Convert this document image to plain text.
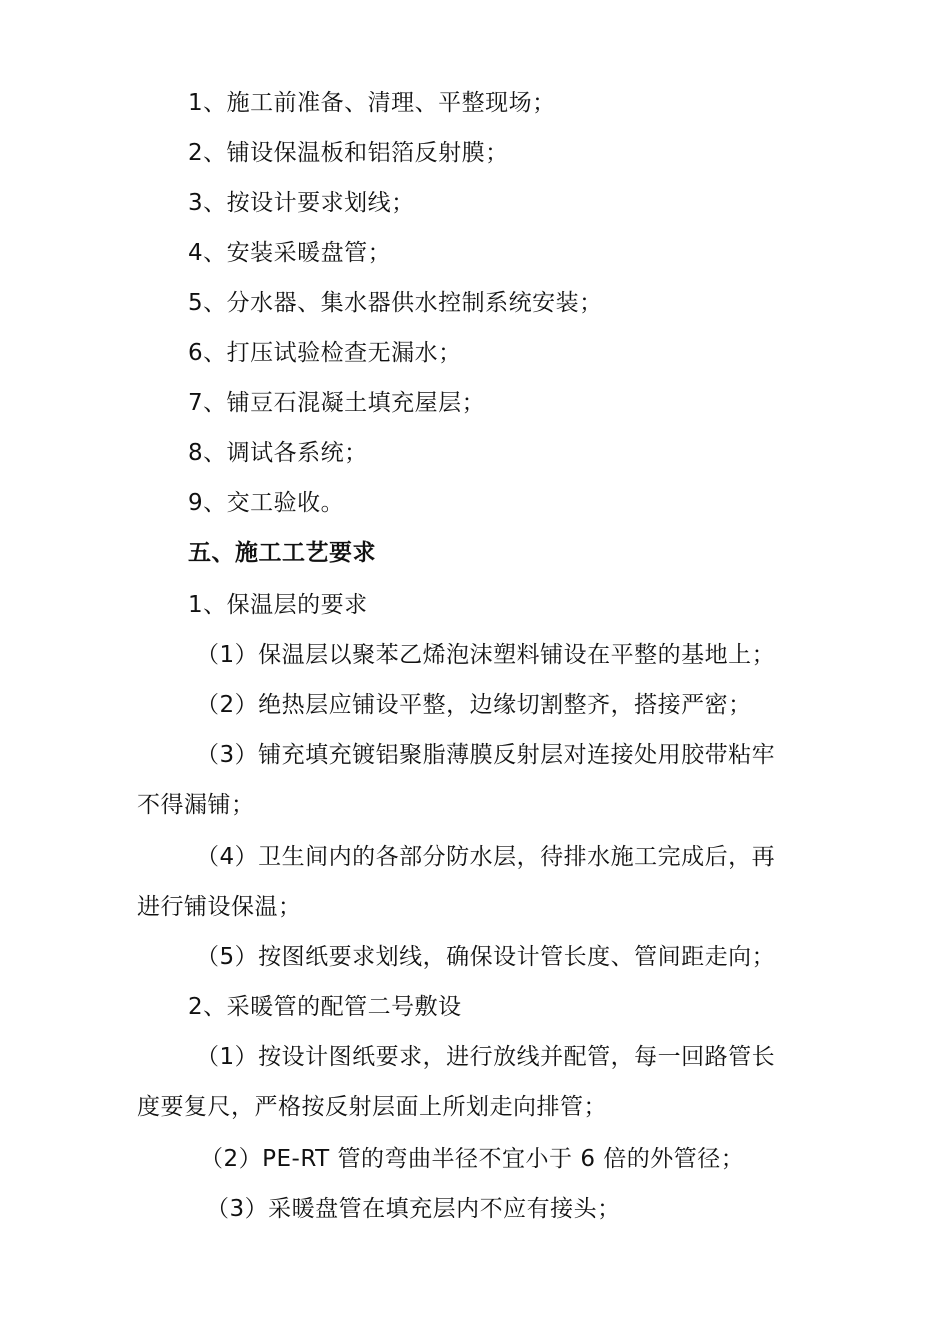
1、施工前准备、清理、平整现场；
2、铺设保温板和铝箔反射膜；
3、按设计要求划线；
4、安装采暖盘管；
5、分水器、集水器供水控制系统安装；
6、打压试验检查无漏水；
7、铺豆石混凝土填充屋层；
8、调试各系统；
9、交工验收。
五、施工工艺要求
1、保温层的要求
（1）保温层以聚苯乙烯泡沫塑料铺设在平整的基地上；
（2）绝热层应铺设平整，边缘切割整齐，搭接严密；
（3）铺充填充镀铝聚脂薄膜反射层对连接处用胶带粘牢
不得漏铺；
（4）卫生间内的各部分防水层，待排水施工完成后，再
进行铺设保温；
（5）按图纸要求划线，确保设计管长度、管间距走向；
2、采暖管的配管二号敷设
（1）按设计图纸要求，进行放线并配管，每一回路管长
度要复尺，严格按反射层面上所划走向排管；
（2）PE-RT 管的弯曲半径不宜小于 6 倍的外管径；
（3）采暖盘管在填充层内不应有接头；
